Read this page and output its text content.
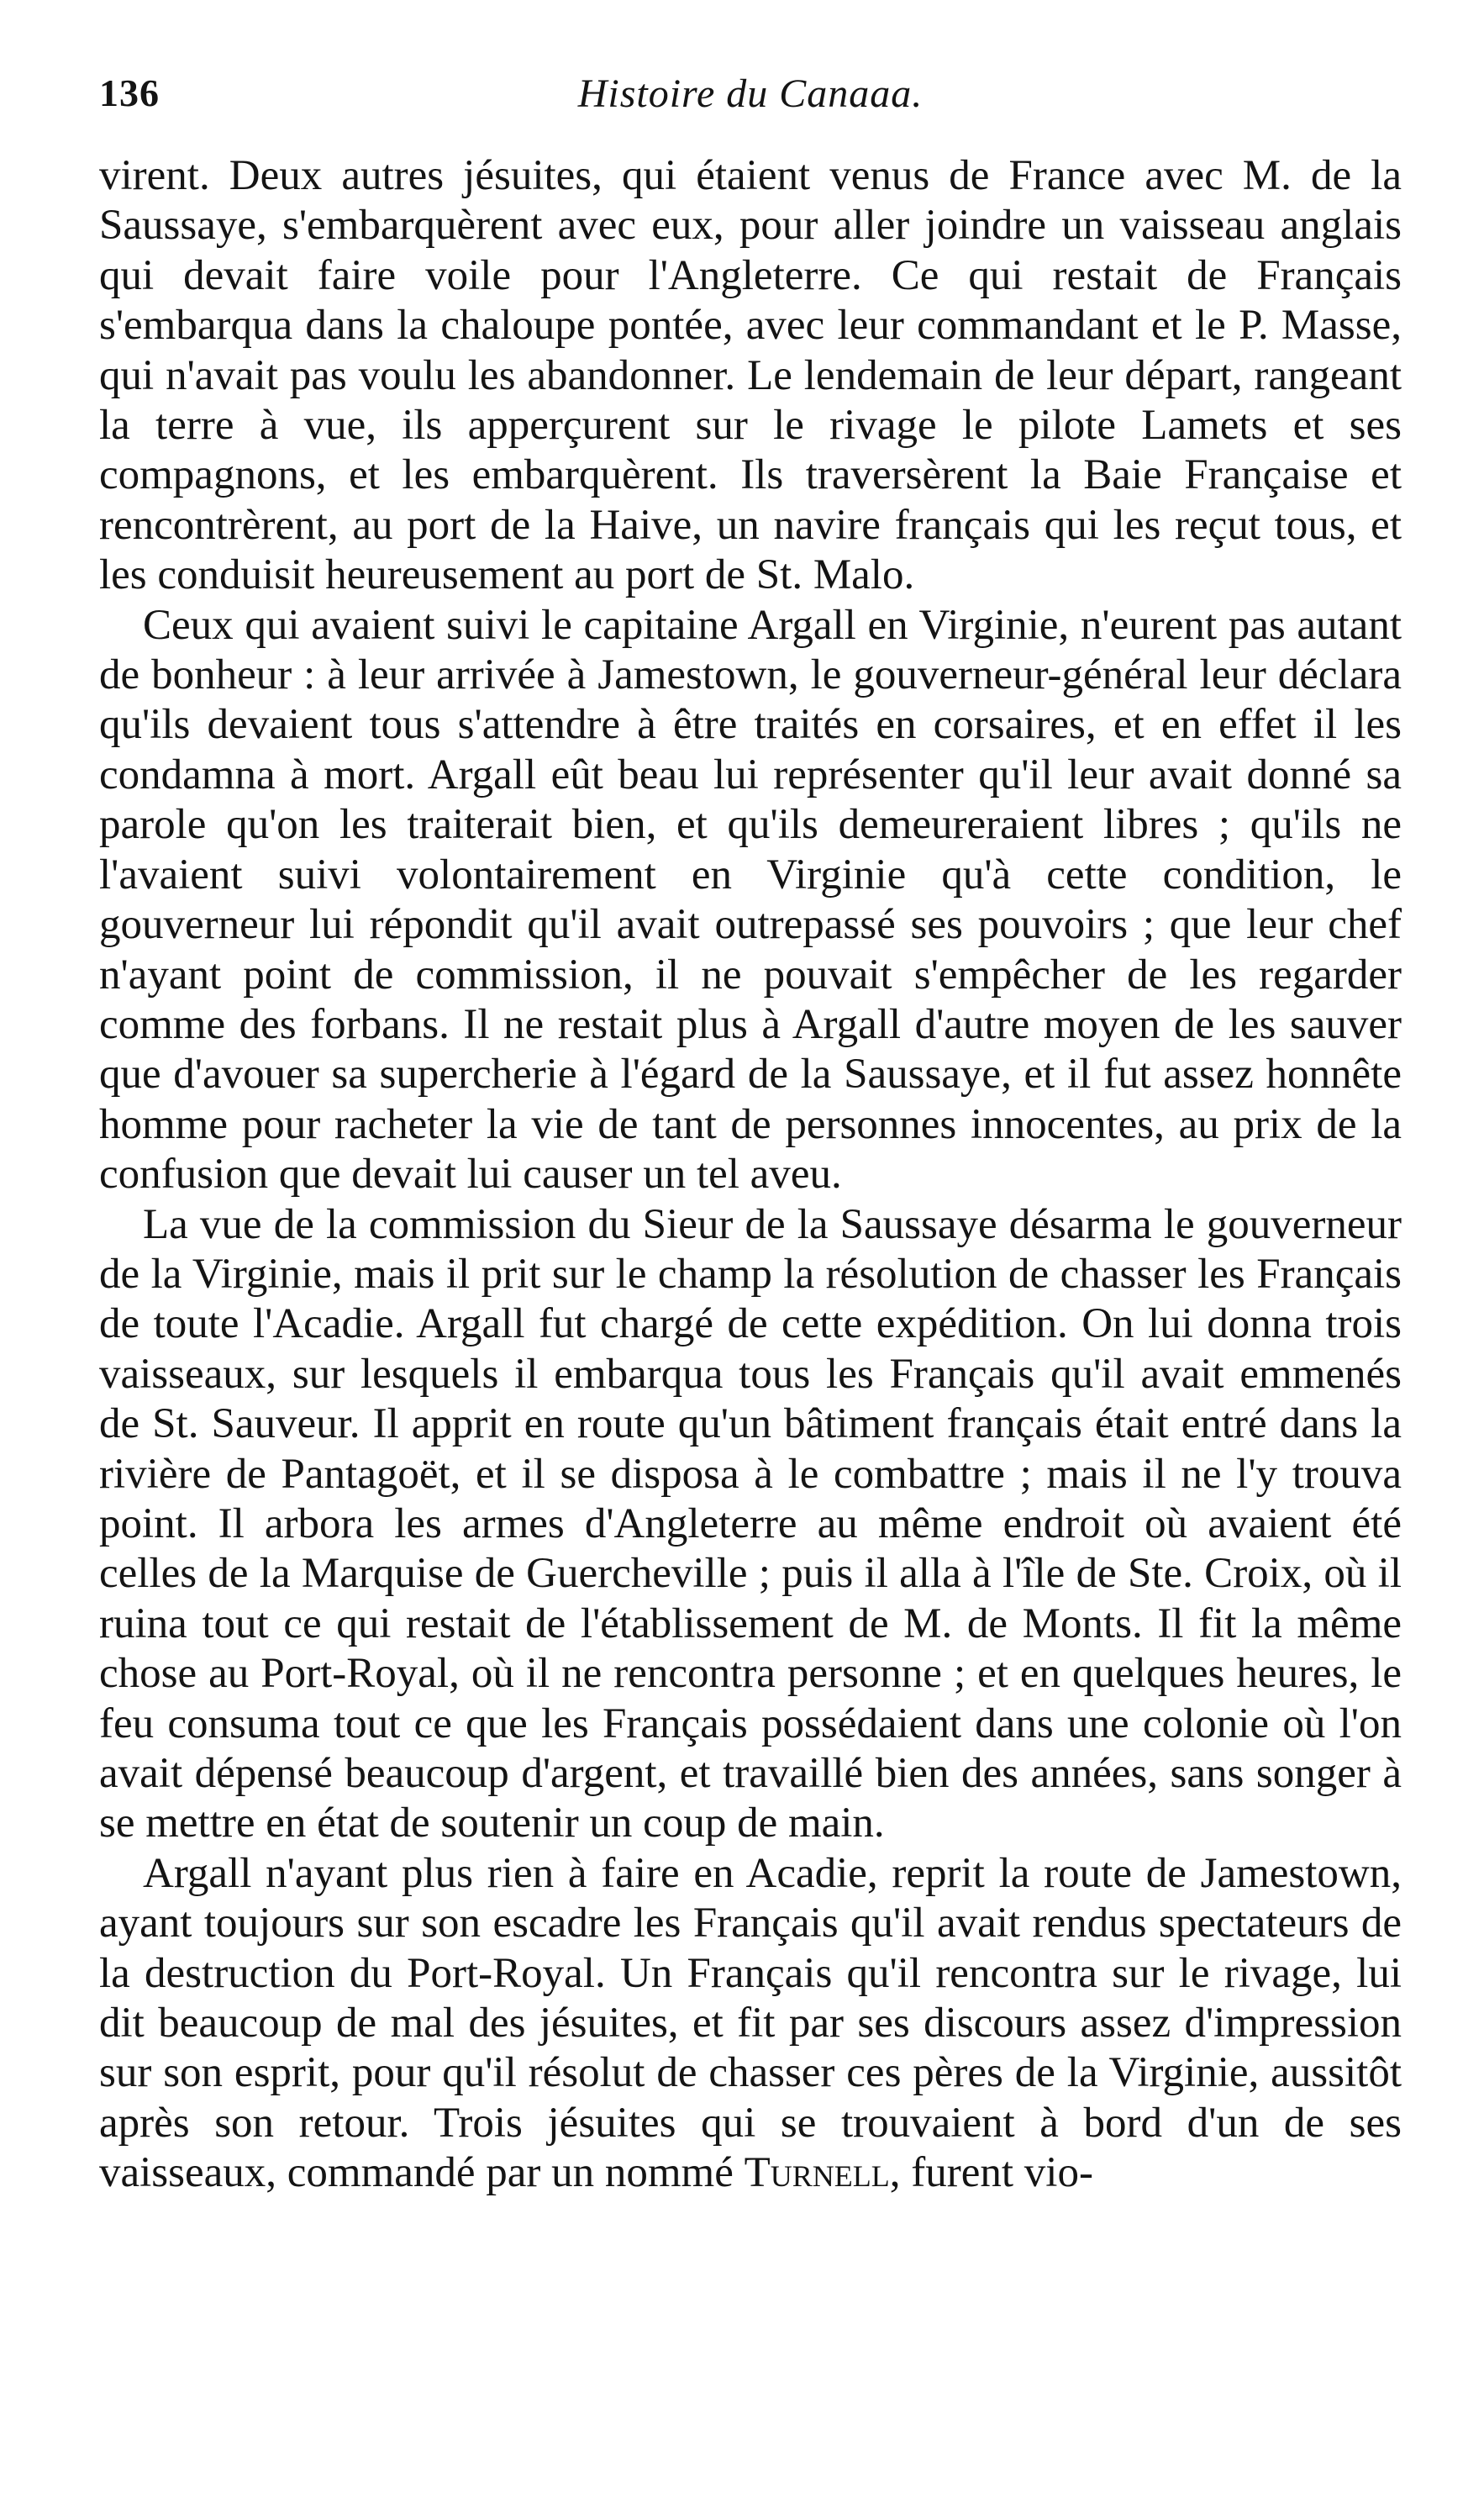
136	Histoire du Canaaa.

virent. Deux autres jésuites, qui étaient venus de France avec M. de la Saussaye, s'embarquèrent avec eux, pour aller joindre un vaisseau anglais qui devait faire voile pour l'Angleterre. Ce qui restait de Français s'embarqua dans la chaloupe pontée, avec leur commandant et le P. Masse, qui n'avait pas voulu les abandonner. Le lendemain de leur départ, rangeant la terre à vue, ils apperçurent sur le rivage le pilote Lamets et ses compagnons, et les embarquèrent. Ils traversèrent la Baie Française et rencontrèrent, au port de la Haive, un navire français qui les reçut tous, et les conduisit heureusement au port de St. Malo.

Ceux qui avaient suivi le capitaine Argall en Virginie, n'eurent pas autant de bonheur : à leur arrivée à Jamestown, le gouverneur-général leur déclara qu'ils devaient tous s'attendre à être traités en corsaires, et en effet il les condamna à mort. Argall eût beau lui représenter qu'il leur avait donné sa parole qu'on les traiterait bien, et qu'ils demeureraient libres ; qu'ils ne l'avaient suivi volontairement en Virginie qu'à cette condition, le gouverneur lui répondit qu'il avait outrepassé ses pouvoirs ; que leur chef n'ayant point de commission, il ne pouvait s'empêcher de les regarder comme des forbans. Il ne restait plus à Argall d'autre moyen de les sauver que d'avouer sa supercherie à l'égard de la Saussaye, et il fut assez honnête homme pour racheter la vie de tant de personnes innocentes, au prix de la confusion que devait lui causer un tel aveu.

La vue de la commission du Sieur de la Saussaye désarma le gouverneur de la Virginie, mais il prit sur le champ la résolution de chasser les Français de toute l'Acadie. Argall fut chargé de cette expédition. On lui donna trois vaisseaux, sur lesquels il embarqua tous les Français qu'il avait emmenés de St. Sauveur. Il apprit en route qu'un bâtiment français était entré dans la rivière de Pantagoët, et il se disposa à le combattre ; mais il ne l'y trouva point. Il arbora les armes d'Angleterre au même endroit où avaient été celles de la Marquise de Guercheville ; puis il alla à l'île de Ste. Croix, où il ruina tout ce qui restait de l'établissement de M. de Monts. Il fit la même chose au Port-Royal, où il ne rencontra personne ; et en quelques heures, le feu consuma tout ce que les Français possédaient dans une colonie où l'on avait dépensé beaucoup d'argent, et travaillé bien des années, sans songer à se mettre en état de soutenir un coup de main.

Argall n'ayant plus rien à faire en Acadie, reprit la route de Jamestown, ayant toujours sur son escadre les Français qu'il avait rendus spectateurs de la destruction du Port-Royal. Un Français qu'il rencontra sur le rivage, lui dit beaucoup de mal des jésuites, et fit par ses discours assez d'impression sur son esprit, pour qu'il résolut de chasser ces pères de la Virginie, aussitôt après son retour. Trois jésuites qui se trouvaient à bord d'un de ses vaisseaux, commandé par un nommé Turnell, furent vio-
